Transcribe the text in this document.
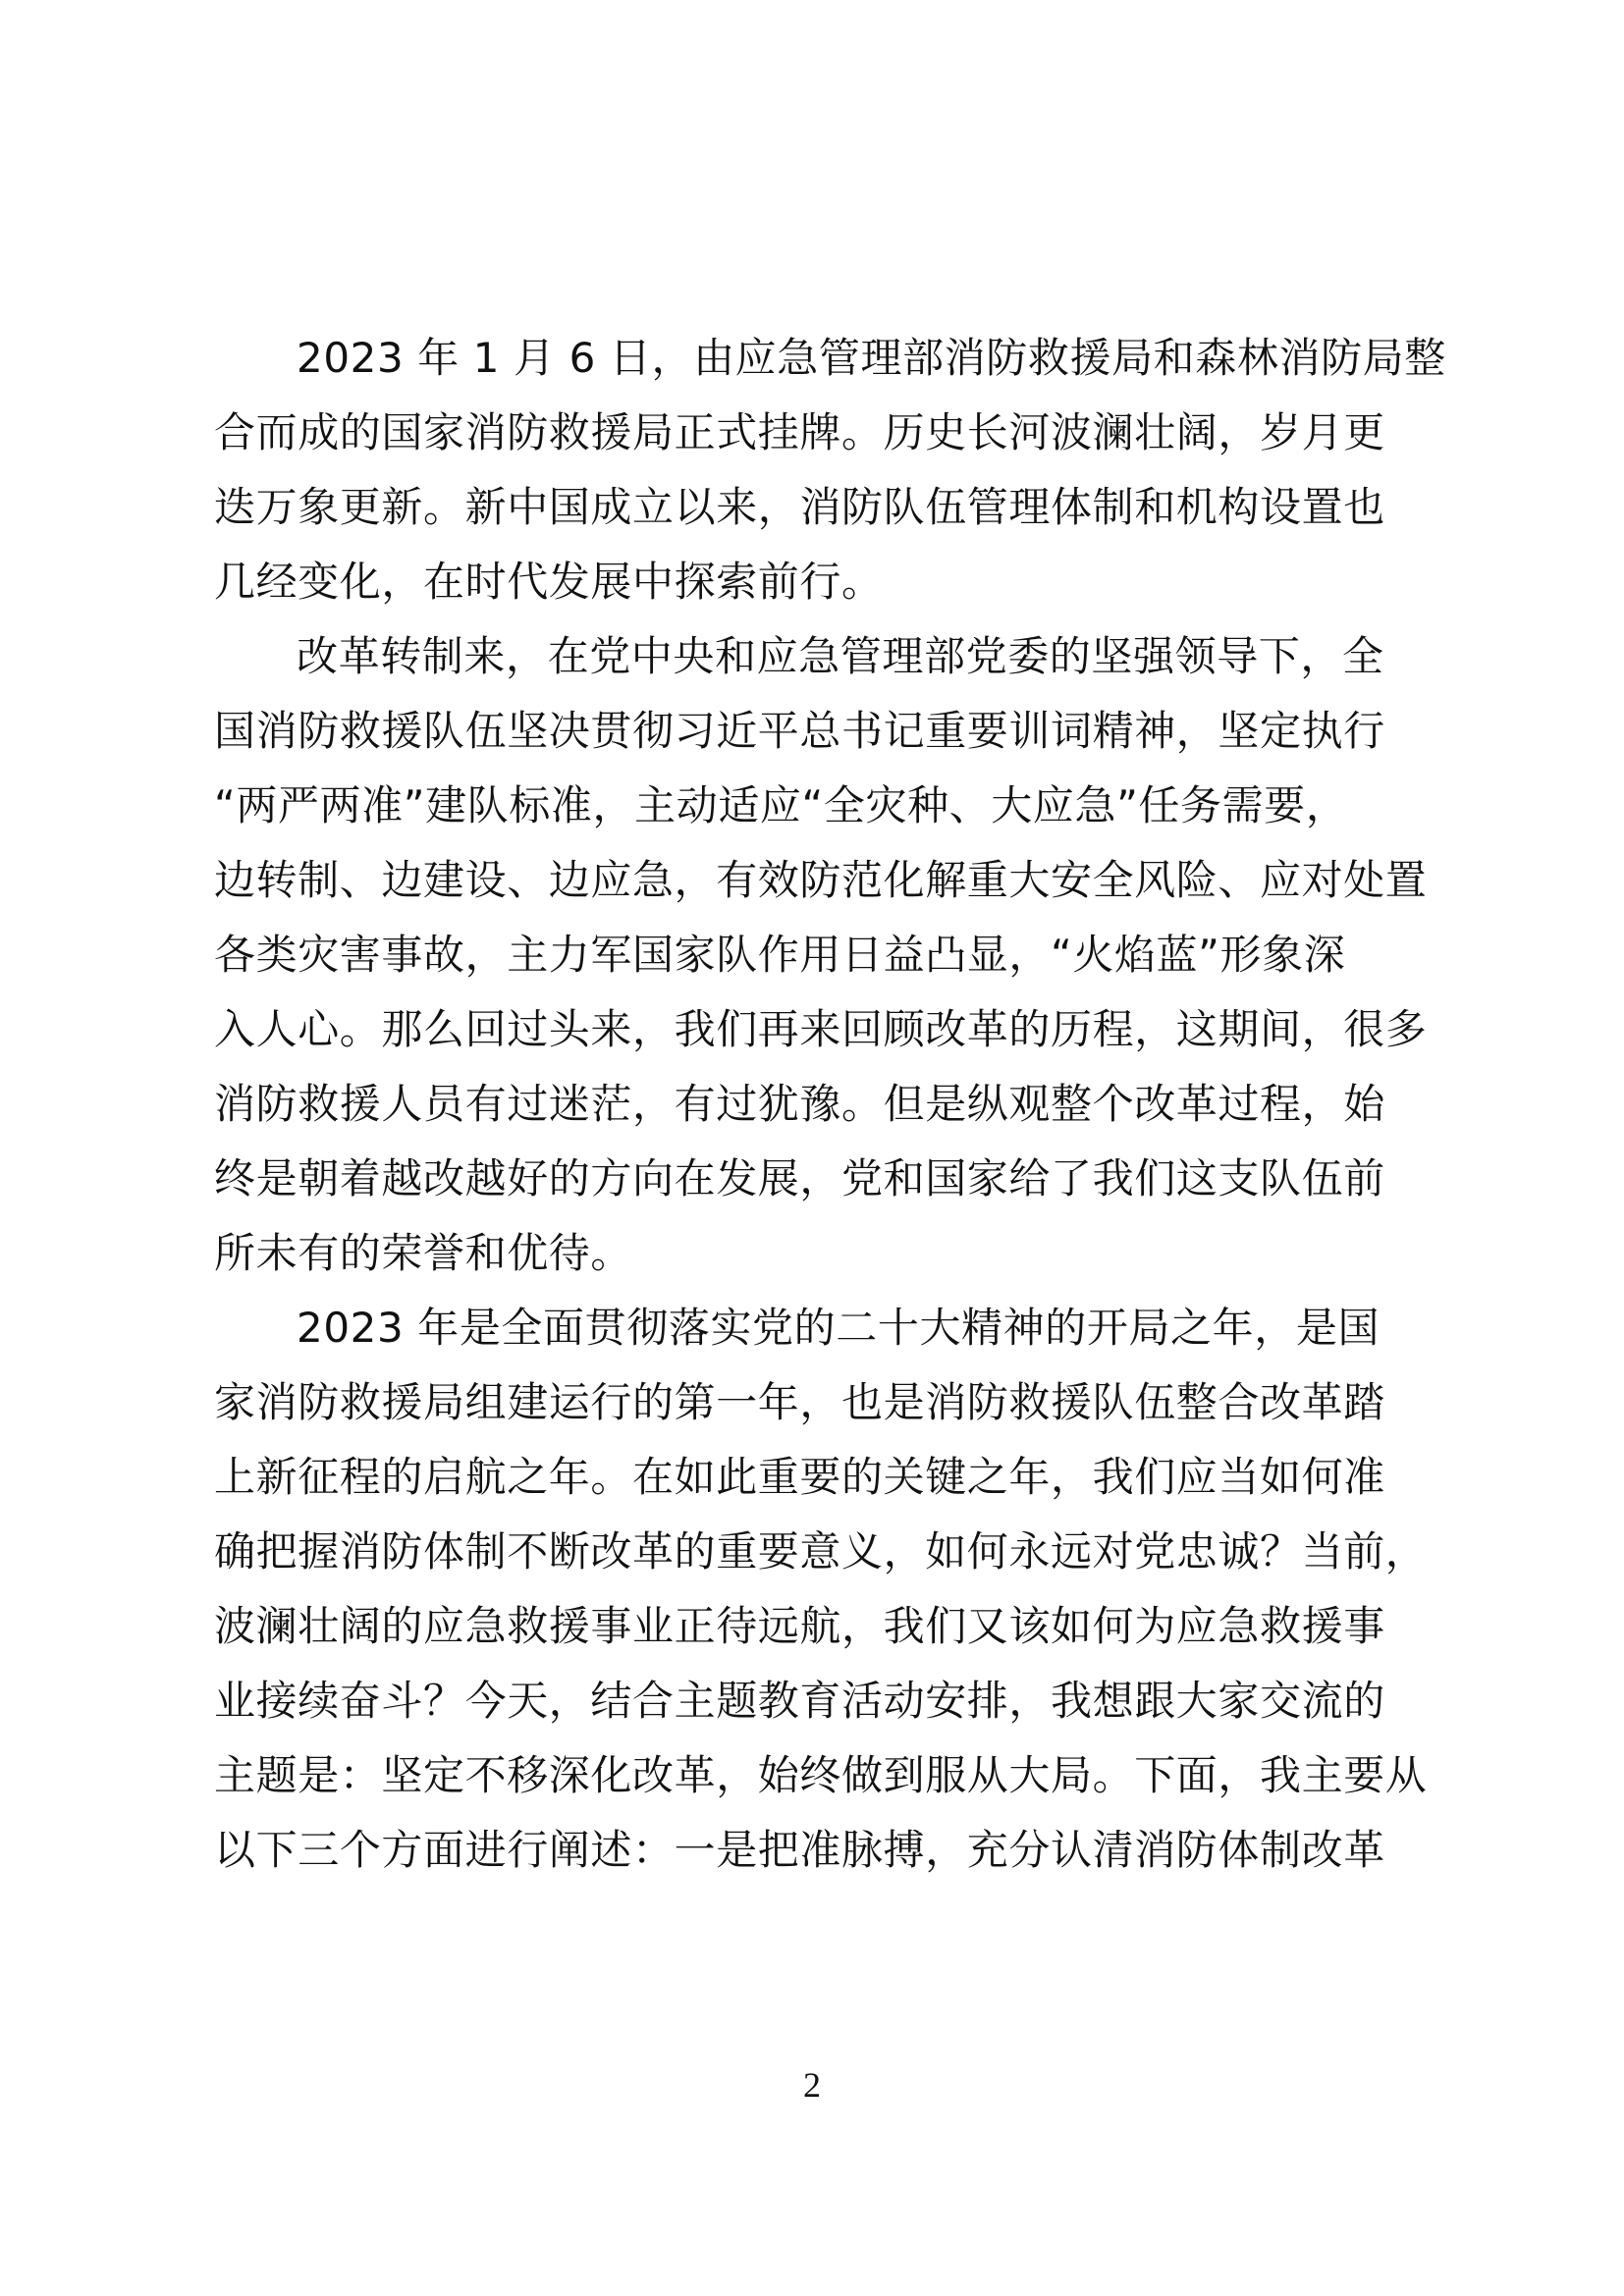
2023 年 1 月 6 日，由应急管理部消防救援局和森林消防局整
合而成的国家消防救援局正式挂牌。历史长河波澜壮阔，岁月更
迭万象更新。新中国成立以来，消防队伍管理体制和机构设置也
几经变化，在时代发展中探索前行。
改革转制来，在党中央和应急管理部党委的坚强领导下，全
国消防救援队伍坚决贯彻习近平总书记重要训词精神，坚定执行
“两严两准”建队标准，主动适应“全灾种、大应急”任务需要，
边转制、边建设、边应急，有效防范化解重大安全风险、应对处置
各类灾害事故，主力军国家队作用日益凸显，“火焰蓝”形象深
入人心。那么回过头来，我们再来回顾改革的历程，这期间，很多
消防救援人员有过迷茫，有过犹豫。但是纵观整个改革过程，始
终是朝着越改越好的方向在发展，党和国家给了我们这支队伍前
所未有的荣誉和优待。
2023 年是全面贯彻落实党的二十大精神的开局之年，是国
家消防救援局组建运行的第一年，也是消防救援队伍整合改革踏
上新征程的启航之年。在如此重要的关键之年，我们应当如何准
确把握消防体制不断改革的重要意义，如何永远对党忠诚？当前，
波澜壮阔的应急救援事业正待远航，我们又该如何为应急救援事
业接续奋斗？今天，结合主题教育活动安排，我想跟大家交流的
主题是：坚定不移深化改革，始终做到服从大局。下面，我主要从
以下三个方面进行阐述：一是把准脉搏，充分认清消防体制改革
2
